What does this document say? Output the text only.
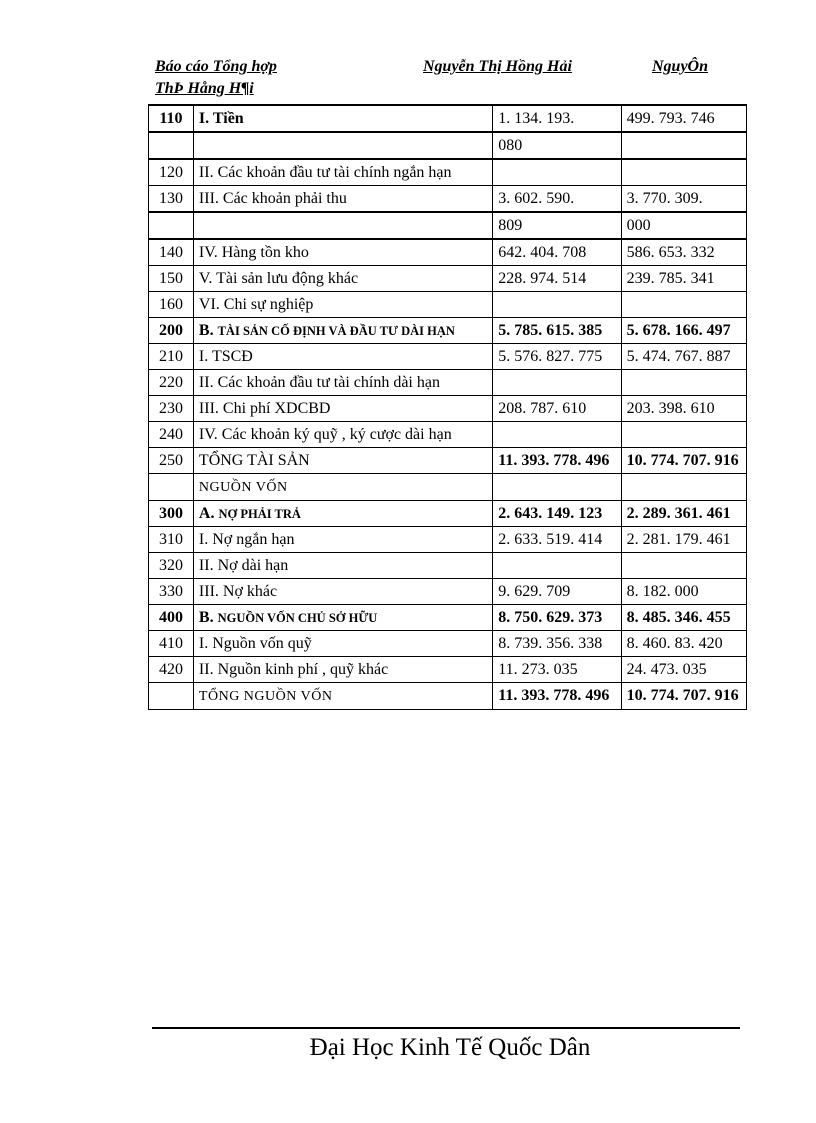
Báo cáo Tổng hợp	Nguyễn Thị Hồng Hải	NguyÔn
ThÞ Hång H¶i
110	I. Tiền	1. 134. 193.	499. 793. 746
		080	
120	II. Các khoản đầu tư tài chính ngắn hạn		
130	III. Các khoản phải thu	3. 602. 590.	3. 770. 309.
		809	000
140	IV. Hàng tồn kho	642. 404. 708	586. 653. 332
150	V. Tài sản lưu động khác	228. 974. 514	239. 785. 341
160	VI. Chi sự nghiệp		
200	B. TÀI SẢN CỐ ĐỊNH VÀ ĐẦU TƯ DÀI HẠN	5. 785. 615. 385	5. 678. 166. 497
210	I. TSCĐ	5. 576. 827. 775	5. 474. 767. 887
220	II. Các khoản đầu tư tài chính dài hạn		
230	III. Chi phí XDCBD	208. 787. 610	203. 398. 610
240	IV. Các khoản ký quỹ , ký cược dài hạn		
250	TỔNG TÀI SẢN	11. 393. 778. 496	10. 774. 707. 916
	NGUỒN VỐN		
300	A. NỢ PHẢI TRẢ	2. 643. 149. 123	2. 289. 361. 461
310	I. Nợ ngắn hạn	2. 633. 519. 414	2. 281. 179. 461
320	II. Nợ dài hạn		
330	III. Nợ khác	9. 629. 709	8. 182. 000
400	B. NGUỒN VỐN CHỦ SỞ HỮU	8. 750. 629. 373	8. 485. 346. 455
410	I. Nguồn vốn quỹ	8. 739. 356. 338	8. 460. 83. 420
420	II. Nguồn kinh phí , quỹ khác	11. 273. 035	24. 473. 035
	TỔNG NGUỒN VỐN	11. 393. 778. 496	10. 774. 707. 916
Đại Học Kinh Tế Quốc Dân
